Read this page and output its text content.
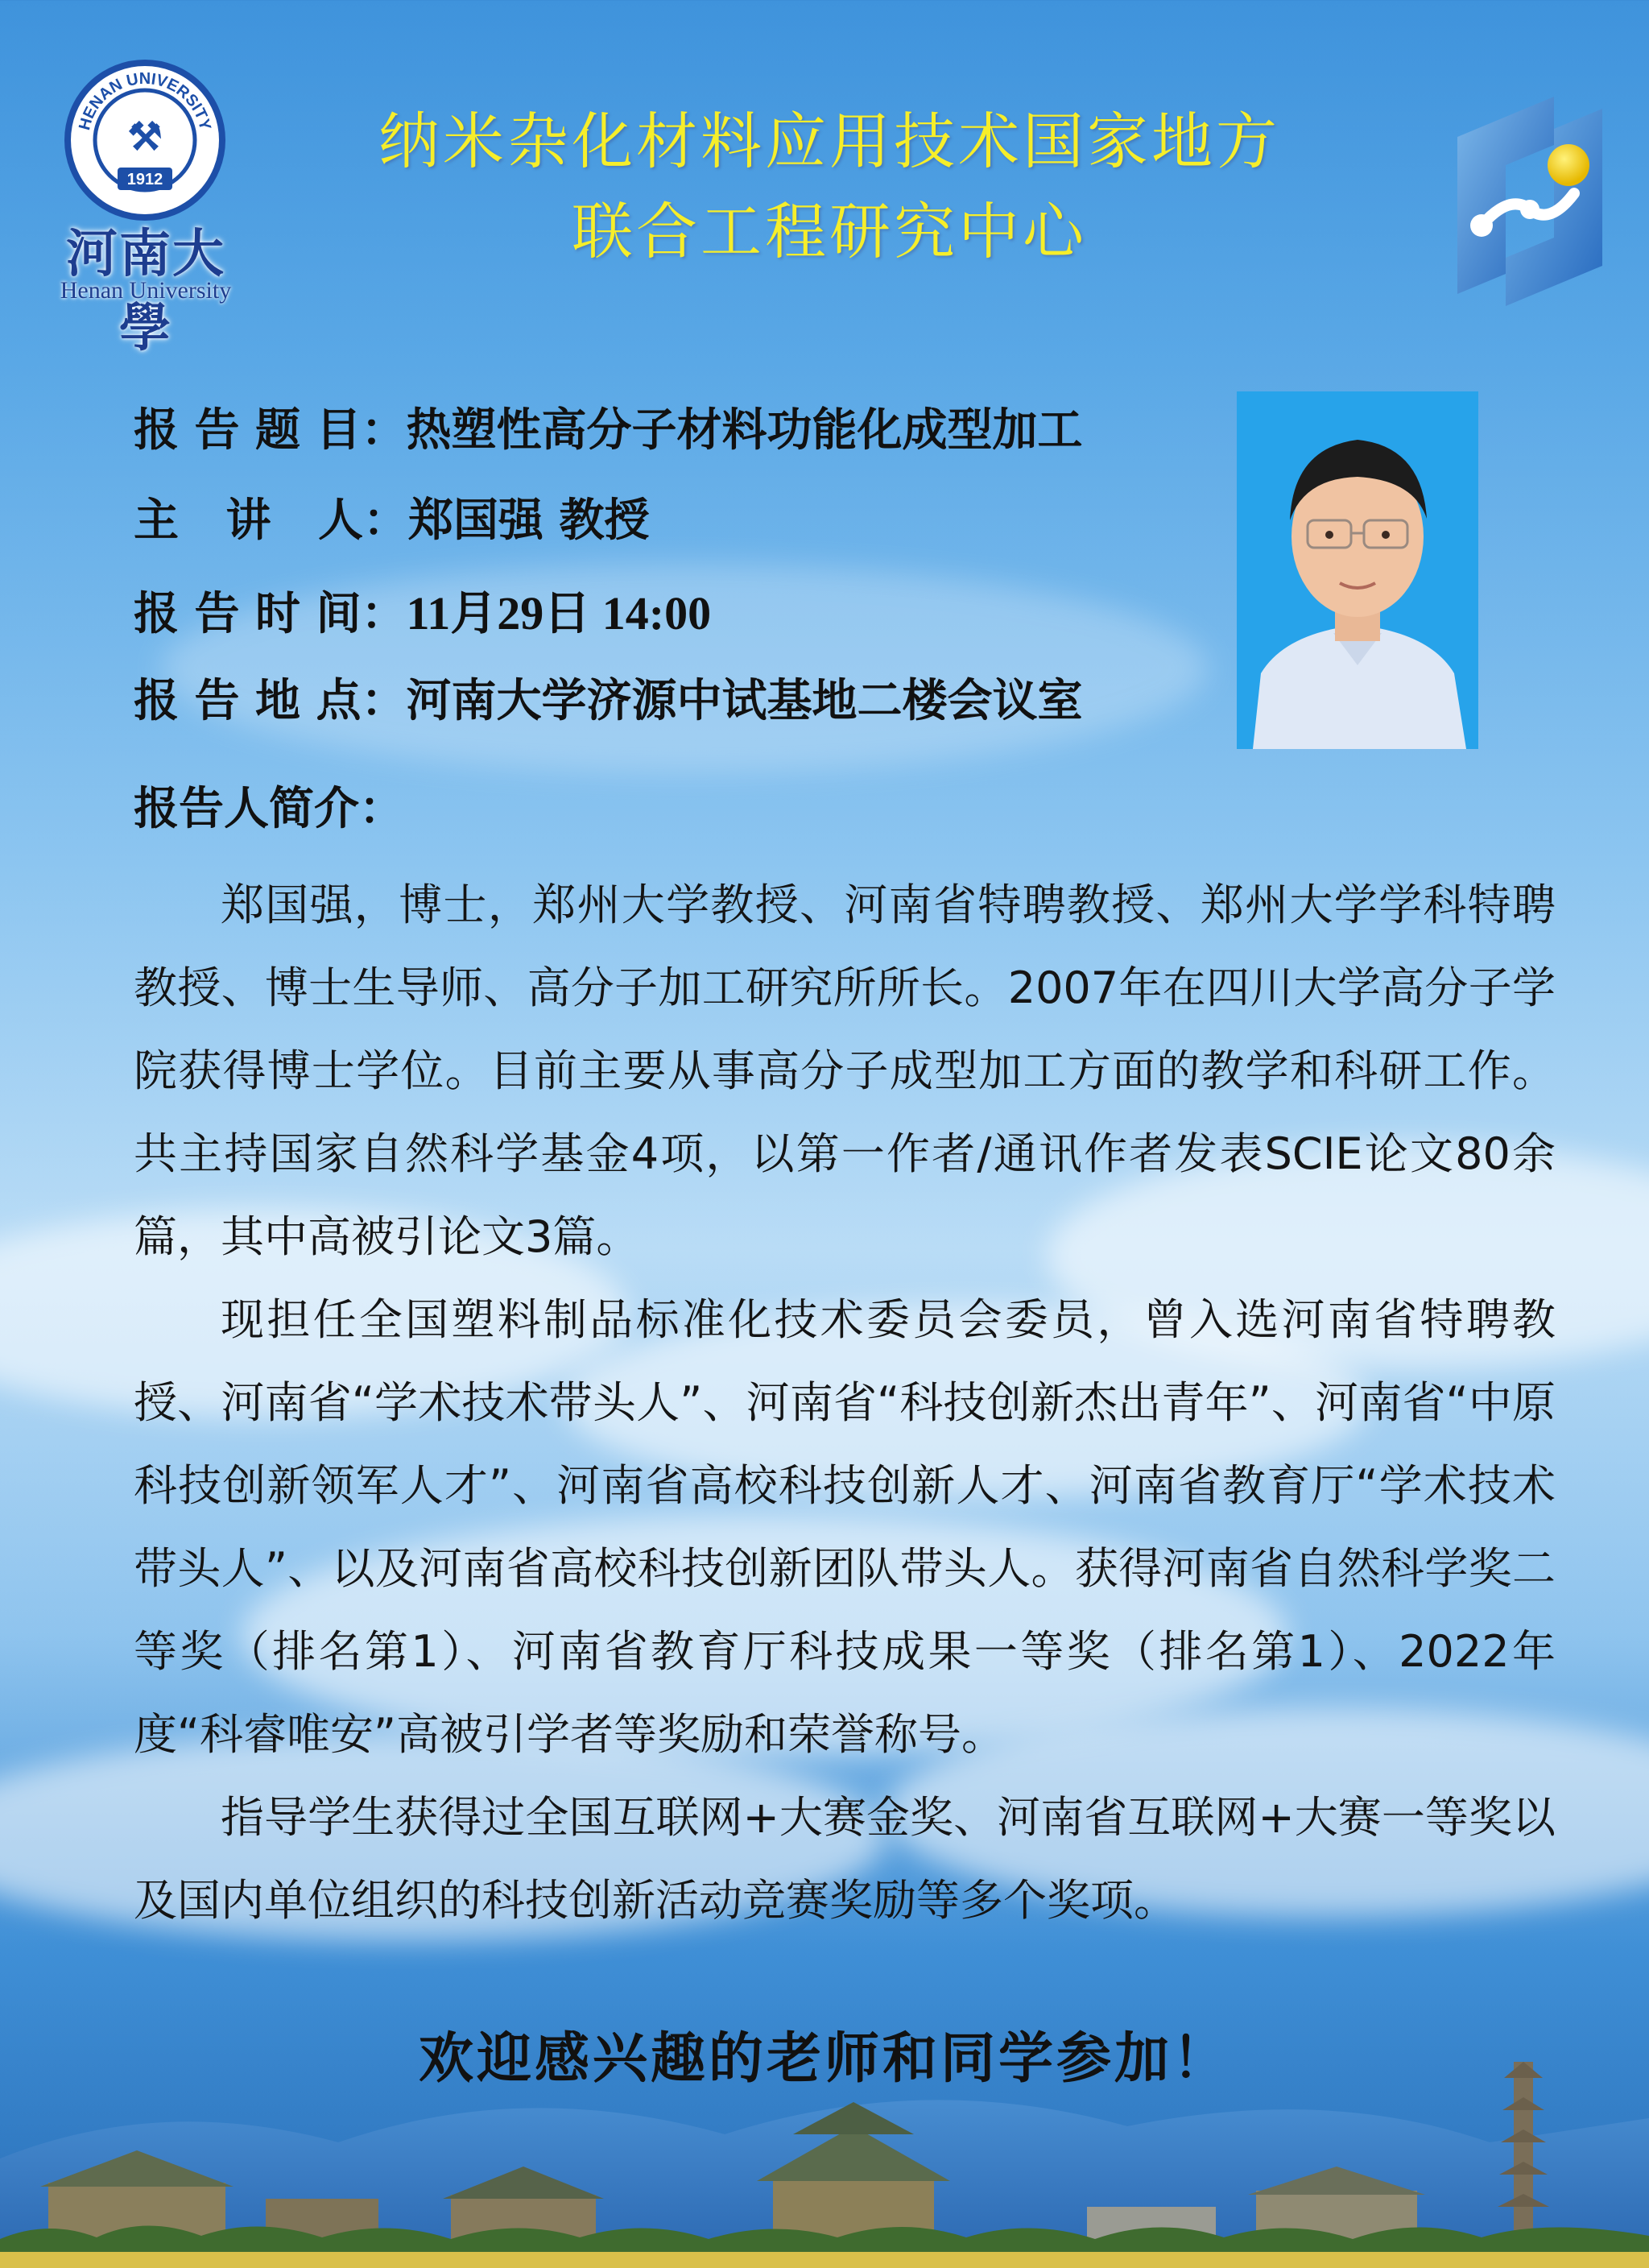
HENAN UNIVERSITY
⚒
1912
河南大學
Henan University
纳米杂化材料应用技术国家地方
联合工程研究中心
报 告 题 目： 热塑性高分子材料功能化成型加工
主   讲   人： 郑国强 教授
报 告 时 间： 11月29日 14:00
报 告 地 点： 河南大学济源中试基地二楼会议室
报告人简介：

郑国强，博士，郑州大学教授、河南省特聘教授、郑州大学学科特聘教授、博士生导师、高分子加工研究所所长。2007年在四川大学高分子学院获得博士学位。目前主要从事高分子成型加工方面的教学和科研工作。共主持国家自然科学基金4项，以第一作者/通讯作者发表SCIE论文80余篇，其中高被引论文3篇。

现担任全国塑料制品标准化技术委员会委员，曾入选河南省特聘教授、河南省“学术技术带头人”、河南省“科技创新杰出青年”、河南省“中原科技创新领军人才”、河南省高校科技创新人才、河南省教育厅“学术技术带头人”、以及河南省高校科技创新团队带头人。获得河南省自然科学奖二等奖（排名第1）、河南省教育厅科技成果一等奖（排名第1）、2022年度“科睿唯安”高被引学者等奖励和荣誉称号。

指导学生获得过全国互联网+大赛金奖、河南省互联网+大赛一等奖以及国内单位组织的科技创新活动竞赛奖励等多个奖项。

欢迎感兴趣的老师和同学参加！
